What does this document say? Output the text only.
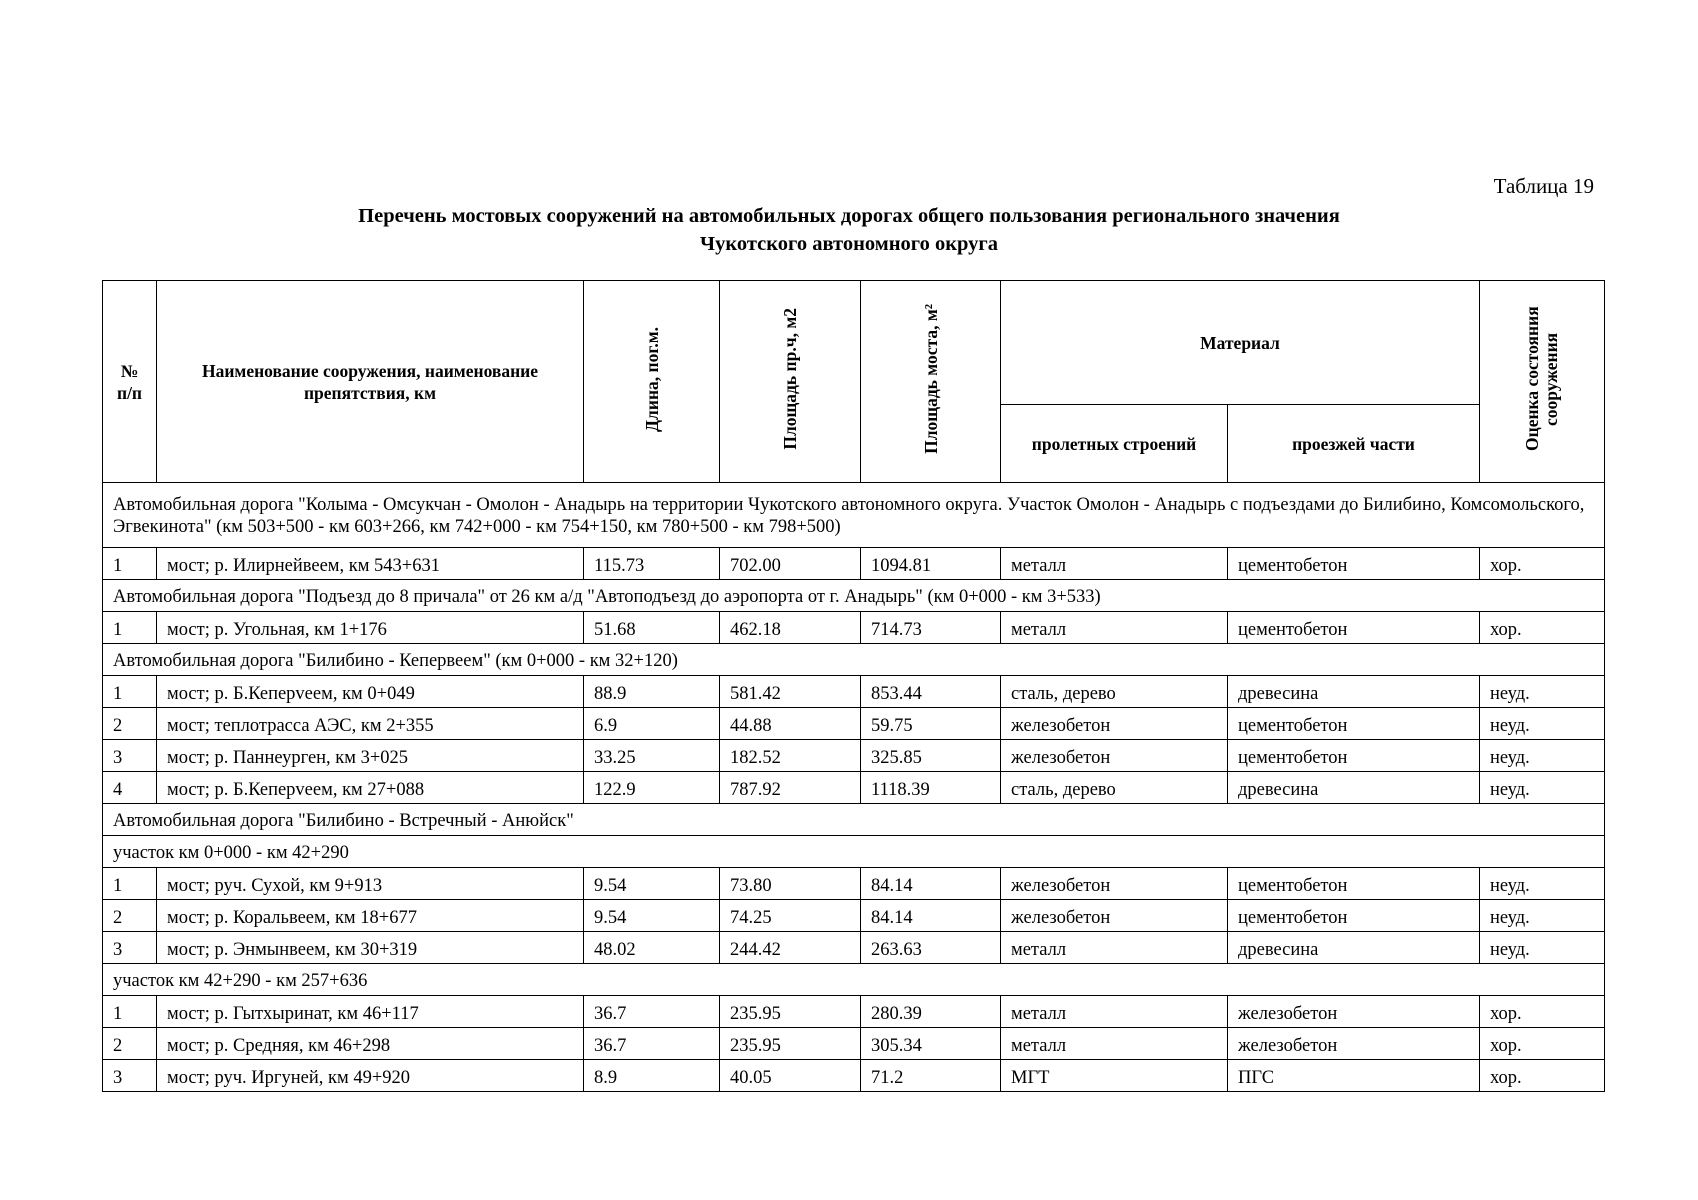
Таблица 19
Перечень мостовых сооружений на автомобильных дорогах общего пользования регионального значения
Чукотского автономного округа
№
п/п	Наименование сооружения, наименование препятствия, км	Длина, пог.м.	Площадь пр.ч, м2	Площадь моста, м²	Материал		Оценка состояния сооружения
					пролетных строений	проезжей части	
Автомобильная дорога "Колыма - Омсукчан - Омолон - Анадырь на территории Чукотского автономного округа. Участок Омолон - Анадырь с подъездами до Билибино, Комсомольского, Эгвекинота" (км 503+500 - км 603+266, км 742+000 - км 754+150, км 780+500 - км 798+500)							
1	мост; р. Илирнейвеем, км 543+631	115.73	702.00	1094.81	металл	цементобетон	хор.
Автомобильная дорога "Подъезд до 8 причала" от 26 км а/д "Автоподъезд до аэропорта от г. Анадырь" (км 0+000 - км 3+533)							
1	мост; р. Угольная, км 1+176	51.68	462.18	714.73	металл	цементобетон	хор.
Автомобильная дорога "Билибино - Кепервеем" (км 0+000 - км 32+120)							
1	мост; р. Б.Кеперveем, км 0+049	88.9	581.42	853.44	сталь, дерево	древесина	неуд.
2	мост; теплотрасса АЭС, км 2+355	6.9	44.88	59.75	железобетон	цементобетон	неуд.
3	мост; р. Паннеурген, км 3+025	33.25	182.52	325.85	железобетон	цементобетон	неуд.
4	мост; р. Б.Кеперveем, км 27+088	122.9	787.92	1118.39	сталь, дерево	древесина	неуд.
Автомобильная дорога "Билибино - Встречный - Анюйск"							
участок км 0+000 - км 42+290							
1	мост; руч. Сухой, км 9+913	9.54	73.80	84.14	железобетон	цементобетон	неуд.
2	мост; р. Коральвеем, км 18+677	9.54	74.25	84.14	железобетон	цементобетон	неуд.
3	мост; р. Энмынвеем, км 30+319	48.02	244.42	263.63	металл	древесина	неуд.
участок км 42+290 - км 257+636							
1	мост; р. Гытхыринат, км 46+117	36.7	235.95	280.39	металл	железобетон	хор.
2	мост; р. Средняя, км 46+298	36.7	235.95	305.34	металл	железобетон	хор.
3	мост; руч. Иргуней, км 49+920	8.9	40.05	71.2	МГТ	ПГС	хор.
